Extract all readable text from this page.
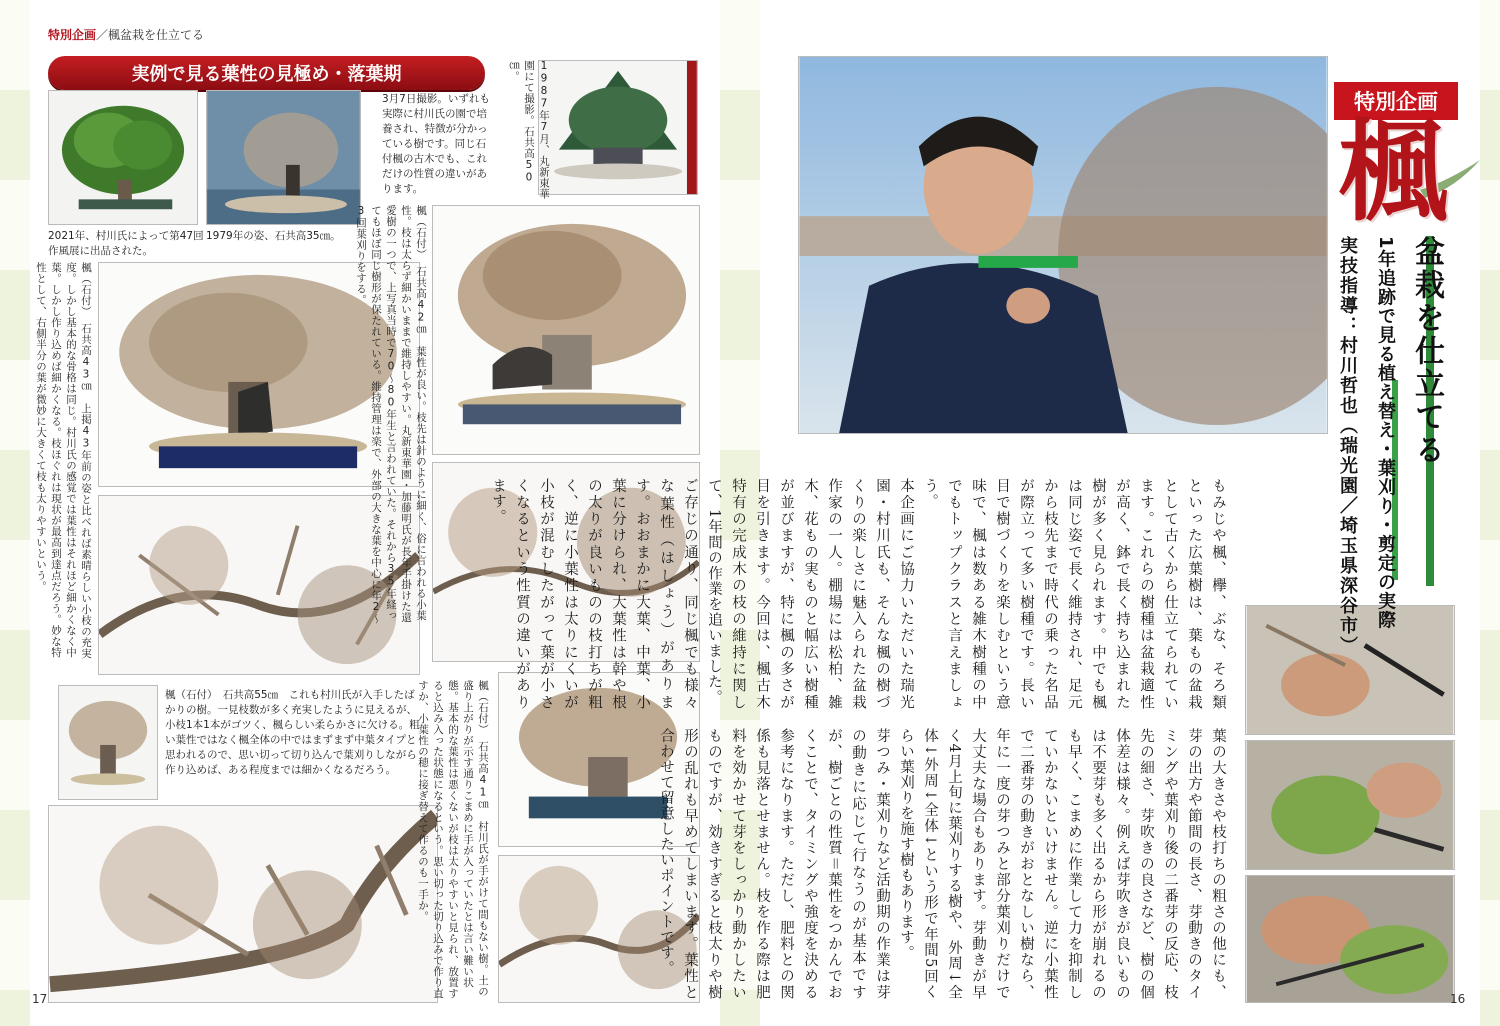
特別企画／楓盆栽を仕立てる
実例で見る葉性の見極め・落葉期
2021年、村川氏によって第47回作風展に出品された。
1979年の姿、石共高35㎝。
1987年7月、丸新東華園にて撮影。石共高50㎝。
3月7日撮影。いずれも実際に村川氏の園で培養され、特徴が分かっている樹です。同じ石付楓の古木でも、これだけの性質の違いがあります。
楓（石付）　石共高43㎝　上掲43年前の姿と比べれば素晴らしい小枝の充実度。しかし基本的な骨格は同じ。村川氏の感覚では葉性はそれほど細かくなく中葉。しかし作り込めば細かくなる。枝ほぐれは現状が最高到達点だろう。妙な特性として、右側半分の葉が微妙に大きくて枝も太りやすいという。	楓（石付）　石共高42㎝　葉性が良い。枝先は針のように細く、俗に言われる小葉性。枝は太らず細かいままで維持しやすい。丸新東華園・加藤明氏が長年手掛けた還愛樹の一つで、上写真当時で70〜80年生と言われていた。それから35年経ってもほぼ同じ樹形が保たれている。維持管理は楽で、外部の大きな葉を中心に年2〜3回葉刈りをする。
楓（石付）　石共高55㎝　これも村川氏が入手したばかりの樹。一見枝数が多く充実したように見えるが、小枝1本1本がゴツく、楓らしい柔らかさに欠ける。粗い葉性ではなく楓全体の中ではまずまず中葉タイプと思われるので、思い切って切り込んで葉刈りしながら作り込めば、ある程度までは細かくなるだろう。	楓（石付）　石共高41㎝　村川氏が手がけて間もない樹。土の盛り上がりが示す通りこまめに手が入っていたとは言い難い状態。基本的な葉性は悪くないが枝は太りやすいと見られ、放置すると込み入った状態になるという。思い切った切り込みで作り直すか、小葉性の穂に接ぎ替えて作るのも一手か。
17
特別企画
楓
盆栽を仕立てる
1年追跡で見る植え替え・葉刈り・剪定の実際
実技指導：村川哲也（瑞光園／埼玉県深谷市）

もみじや楓、欅、ぶな、そろ類といった広葉樹は、葉もの盆栽として古くから仕立てられています。これらの樹種は盆栽適性が高く、鉢で長く持ち込まれた樹が多く見られます。中でも楓は同じ姿で長く維持され、足元から枝先まで時代の乗った名品が際立って多い樹種です。長い目で樹づくりを楽しむという意味で、楓は数ある雑木樹種の中でもトップクラスと言えましょう。

本企画にご協力いただいた瑞光園・村川氏も、そんな楓の樹づくりの楽しさに魅入られた盆栽作家の一人。棚場には松柏、雑木、花もの実ものと幅広い樹種が並びますが、特に楓の多さが目を引きます。今回は、楓古木特有の完成木の枝の維持に関して、1年間の作業を追いました。

ご存じの通り、同じ楓でも様々な葉性（はしょう）があります。おおまかに大葉、中葉、小葉に分けられ、大葉性は幹や根の太りが良いものの枝打ちが粗く、逆に小葉性は太りにくいが小枝が混むしたがって葉が小さくなるという性質の違いがあります。

葉の大きさや枝打ちの粗さの他にも、芽の出方や節間の長さ、芽動きのタイミングや葉刈り後の二番芽の反応、枝先の細さ、芽吹きの良さなど、樹の個体差は様々。例えば芽吹きが良いものは不要芽も多く出るから形が崩れるのも早く、こまめに作業して力を抑制していかないといけません。逆に小葉性で二番芽の動きがおとなしい樹なら、年に一度の芽つみと部分葉刈りだけで大丈夫な場合もあります。芽動きが早く4月上旬に葉刈りする樹や、外周↓全体↓外周↓全体↓という形で年間5回くらい葉刈りを施す樹もあります。

芽つみ・葉刈りなど活動期の作業は芽の動きに応じて行なうのが基本ですが、樹ごとの性質＝葉性をつかんでおくことで、タイミングや強度を決める参考になります。ただし、肥料との関係も見落とせません。枝を作る際は肥料を効かせて芽をしっかり動かしたいものですが、効きすぎると枝太りや樹形の乱れも早めてしまいます。葉性と合わせて留意したいポイントです。

16
